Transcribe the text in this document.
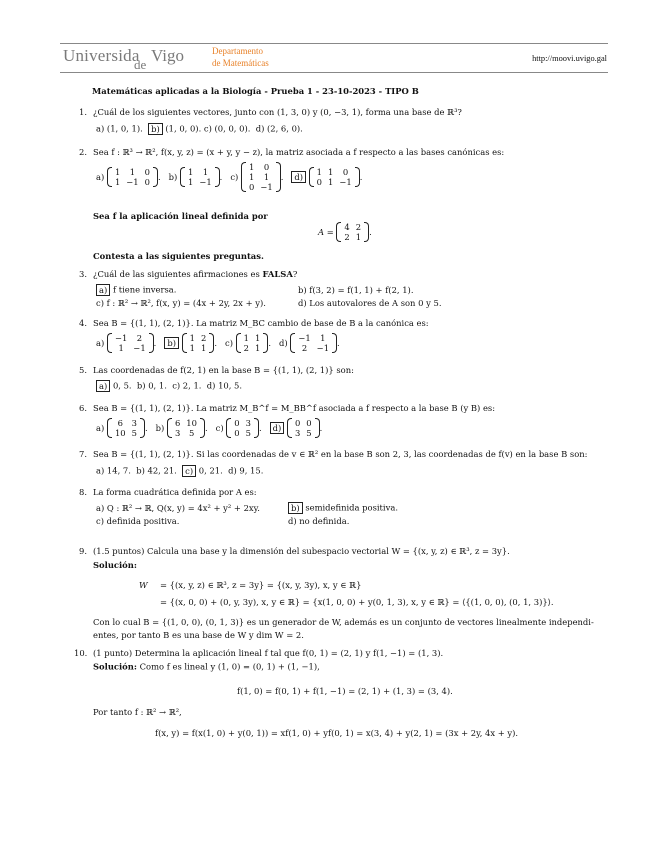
Universida
de Vigo	Departamento
de Matemáticas	http://moovi.uvigo.gal
Matemáticas aplicadas a la Biología - Prueba 1 - 23-10-2023 - TIPO B
1. ¿Cuál de los siguientes vectores, junto con (1, 3, 0) y (0, −3, 1), forma una base de ℝ³?
a) (1, 0, 1). b) (1, 0, 0). c) (0, 0, 0). d) (2, 6, 0).
2. Sea f : ℝ³ → ℝ², f(x, y, z) = (x + y, y − z), la matriz asociada a f respecto a las bases canónicas es:
a) 1	1	0
1	−1	0 . b) 1	1
1	−1 . c)
1	0
1	1
0	−1
. d) 1	1	0
0	1	−1 .
Sea f la aplicación lineal definida por
A = 4	2
2	1 .
Contesta a las siguientes preguntas.
3. ¿Cuál de las siguientes afirmaciones es FALSA?
a) f tiene inversa.	b) f(3, 2) = f(1, 1) + f(2, 1).
c) f : ℝ² → ℝ², f(x, y) = (4x + 2y, 2x + y).	d) Los autovalores de A son 0 y 5.
4. Sea B = {(1, 1), (2, 1)}. La matriz M_BC cambio de base de B a la canónica es:
a) −1	2
1	−1 . b) 1	2
1	1 . c) 1	1
2	1 . d) −1	1
2	−1 .
5. Las coordenadas de f(2, 1) en la base B = {(1, 1), (2, 1)} son:
a) 0, 5. b) 0, 1. c) 2, 1. d) 10, 5.
6. Sea B = {(1, 1), (2, 1)}. La matriz M_B^f = M_BB^f asociada a f respecto a la base B (y B) es:
a) 6	3
10	5 . b) 6	10
3	5 . c) 0	3
0	5 . d) 0	0
3	5 .
7. Sea B = {(1, 1), (2, 1)}. Si las coordenadas de v ∈ ℝ² en la base B son 2, 3, las coordenadas de f(v) en la base B son:
a) 14, 7. b) 42, 21. c) 0, 21. d) 9, 15.
8. La forma cuadrática definida por A es:
a) Q : ℝ² → ℝ, Q(x, y) = 4x² + y² + 2xy.	b) semidefinida positiva.
c) definida positiva.	d) no definida.
9. (1.5 puntos) Calcula una base y la dimensión del subespacio vectorial W = {(x, y, z) ∈ ℝ³, z = 3y}.
Solución:
W = {(x, y, z) ∈ ℝ³, z = 3y} = {(x, y, 3y), x, y ∈ ℝ}
= {(x, 0, 0) + (0, y, 3y), x, y ∈ ℝ} = {x(1, 0, 0) + y(0, 1, 3), x, y ∈ ℝ} = ⟨{(1, 0, 0), (0, 1, 3)}⟩.
Con lo cual B = {(1, 0, 0), (0, 1, 3)} es un generador de W, además es un conjunto de vectores linealmente independi-
entes, por tanto B es una base de W y dim W = 2.
10. (1 punto) Determina la aplicación lineal f tal que f(0, 1) = (2, 1) y f(1, −1) = (1, 3).
Solución: Como f es lineal y (1, 0) = (0, 1) + (1, −1),
f(1, 0) = f(0, 1) + f(1, −1) = (2, 1) + (1, 3) = (3, 4).
Por tanto f : ℝ² → ℝ²,
f(x, y) = f(x(1, 0) + y(0, 1)) = xf(1, 0) + yf(0, 1) = x(3, 4) + y(2, 1) = (3x + 2y, 4x + y).
